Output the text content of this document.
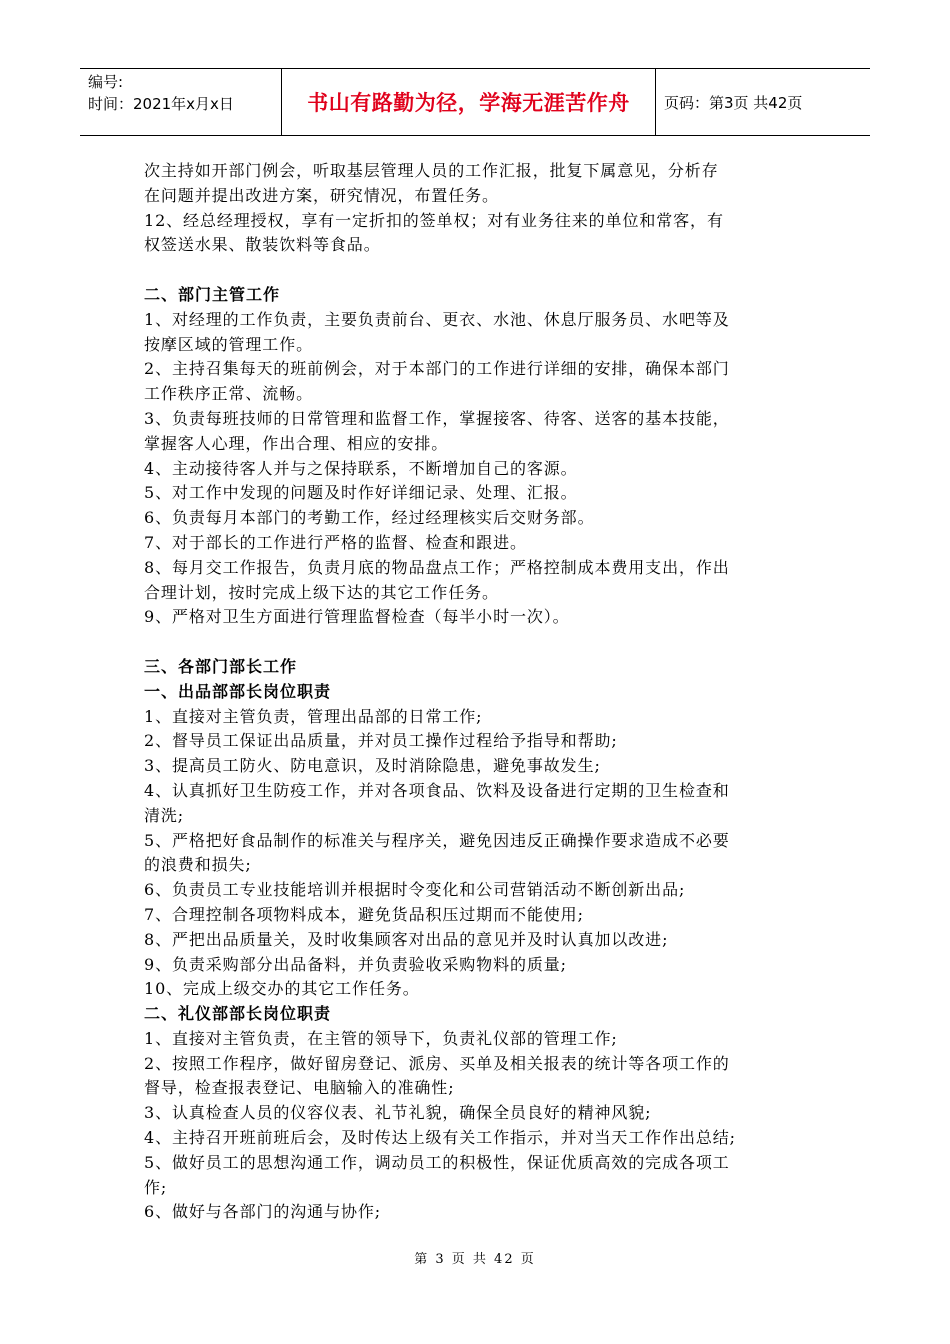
编号:
时间：2021年x月x日	书山有路勤为径，学海无涯苦作舟 页码：第3页 共42页
次主持如开部门例会，听取基层管理人员的工作汇报，批复下属意见，分析存
在问题并提出改进方案，研究情况，布置任务。
12、经总经理授权，享有一定折扣的签单权；对有业务往来的单位和常客，有
权签送水果、散装饮料等食品。
二、部门主管工作
1、对经理的工作负责，主要负责前台、更衣、水池、休息厅服务员、水吧等及
按摩区域的管理工作。
2、主持召集每天的班前例会，对于本部门的工作进行详细的安排，确保本部门
工作秩序正常、流畅。
3、负责每班技师的日常管理和监督工作，掌握接客、待客、送客的基本技能，
掌握客人心理，作出合理、相应的安排。
4、主动接待客人并与之保持联系，不断增加自己的客源。
5、对工作中发现的问题及时作好详细记录、处理、汇报。
6、负责每月本部门的考勤工作，经过经理核实后交财务部。
7、对于部长的工作进行严格的监督、检查和跟进。
8、每月交工作报告，负责月底的物品盘点工作；严格控制成本费用支出，作出
合理计划，按时完成上级下达的其它工作任务。
9、严格对卫生方面进行管理监督检查（每半小时一次）。
三、各部门部长工作
一、出品部部长岗位职责
1、直接对主管负责，管理出品部的日常工作;
2、督导员工保证出品质量，并对员工操作过程给予指导和帮助;
3、提高员工防火、防电意识，及时消除隐患，避免事故发生;
4、认真抓好卫生防疫工作，并对各项食品、饮料及设备进行定期的卫生检查和
清洗;
5、严格把好食品制作的标准关与程序关，避免因违反正确操作要求造成不必要
的浪费和损失;
6、负责员工专业技能培训并根据时令变化和公司营销活动不断创新出品;
7、合理控制各项物料成本，避免货品积压过期而不能使用;
8、严把出品质量关，及时收集顾客对出品的意见并及时认真加以改进;
9、负责采购部分出品备料，并负责验收采购物料的质量;
10、完成上级交办的其它工作任务。
二、礼仪部部长岗位职责
1、直接对主管负责，在主管的领导下，负责礼仪部的管理工作;
2、按照工作程序，做好留房登记、派房、买单及相关报表的统计等各项工作的
督导，检查报表登记、电脑输入的准确性;
3、认真检查人员的仪容仪表、礼节礼貌，确保全员良好的精神风貌;
4、主持召开班前班后会，及时传达上级有关工作指示，并对当天工作作出总结;
5、做好员工的思想沟通工作，调动员工的积极性，保证优质高效的完成各项工
作;
6、做好与各部门的沟通与协作;
第 3 页 共 42 页
